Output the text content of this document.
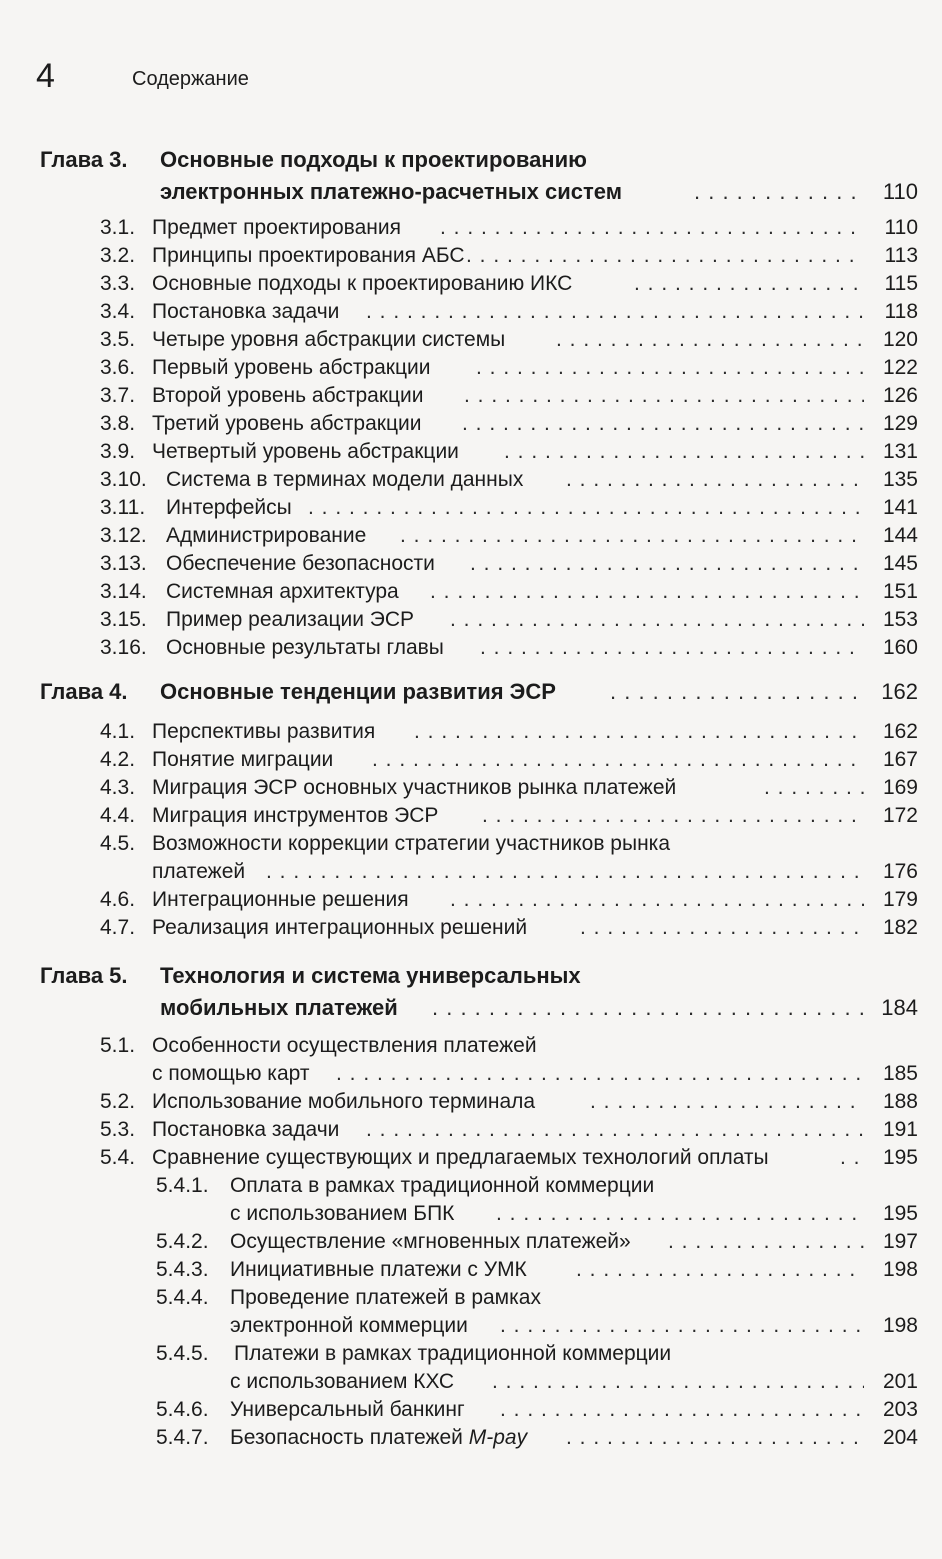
4	Содержание
Глава 3. Основные подходы к проектированию
электронных платежно-расчетных систем . . .	110
3.1. Предмет проектирования . . .	110
3.2. Принципы проектирования АБС . . .	113
3.3. Основные подходы к проектированию ИКС . . .	115
3.4. Постановка задачи . . .	118
3.5. Четыре уровня абстракции системы . . .	120
3.6. Первый уровень абстракции . . .	122
3.7. Второй уровень абстракции . . .	126
3.8. Третий уровень абстракции . . .	129
3.9. Четвертый уровень абстракции . . .	131
3.10. Система в терминах модели данных . . .	135
3.11. Интерфейсы . . .	141
3.12. Администрирование . . .	144
3.13. Обеспечение безопасности . . .	145
3.14. Системная архитектура . . .	151
3.15. Пример реализации ЭСР . . .	153
3.16. Основные результаты главы . . .	160
Глава 4. Основные тенденции развития ЭСР . . .	162
4.1. Перспективы развития . . .	162
4.2. Понятие миграции . . .	167
4.3. Миграция ЭСР основных участников рынка платежей . . .	169
4.4. Миграция инструментов ЭСР . . .	172
4.5. Возможности коррекции стратегии участников рынка
платежей . . .	176
4.6. Интеграционные решения . . .	179
4.7. Реализация интеграционных решений . . .	182
Глава 5. Технология и система универсальных
мобильных платежей . . .	184
5.1. Особенности осуществления платежей
с помощью карт . . .	185
5.2. Использование мобильного терминала . . .	188
5.3. Постановка задачи . . .	191
5.4. Сравнение существующих и предлагаемых технологий оплаты . . .	195
5.4.1. Оплата в рамках традиционной коммерции
с использованием БПК . . .	195
5.4.2. Осуществление «мгновенных платежей» . . .	197
5.4.3. Инициативные платежи с УМК . . .	198
5.4.4. Проведение платежей в рамках
электронной коммерции . . .	198
5.4.5. Платежи в рамках традиционной коммерции
с использованием КХС . . .	201
5.4.6. Универсальный банкинг . . .	203
5.4.7. Безопасность платежей M-pay . . .	204
